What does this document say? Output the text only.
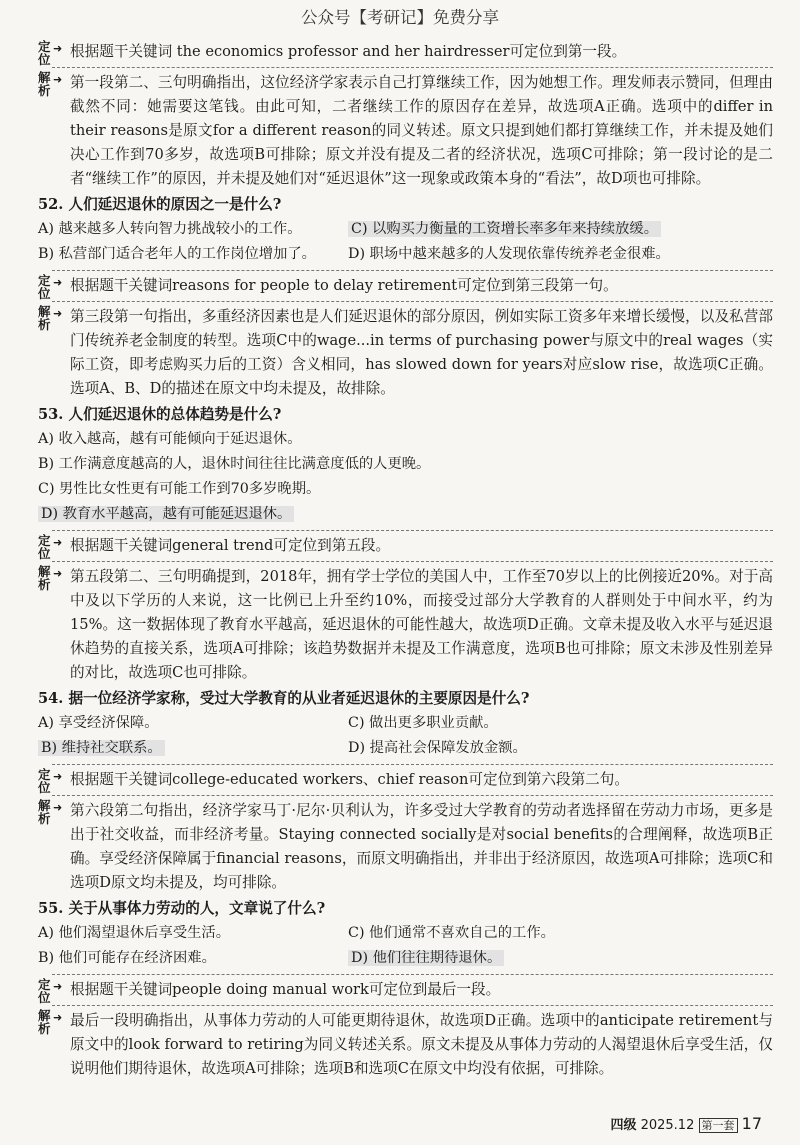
公众号【考研记】免费分享
定位
➜ 根据题干关键词 the economics professor and her hairdresser可定位到第一段。
解析
➜ 第一段第二、三句明确指出，这位经济学家表示自己打算继续工作，因为她想工作。理发师表示赞同，但理由截然不同：她需要这笔钱。由此可知，二者继续工作的原因存在差异，故选项A正确。选项中的differ in their reasons是原文for a different reason的同义转述。原文只提到她们都打算继续工作，并未提及她们决心工作到70多岁，故选项B可排除；原文并没有提及二者的经济状况，选项C可排除；第一段讨论的是二者“继续工作”的原因，并未提及她们对“延迟退休”这一现象或政策本身的“看法”，故D项也可排除。
52. 人们延迟退休的原因之一是什么?
A) 越来越多人转向智力挑战较小的工作。	C) 以购买力衡量的工资增长率多年来持续放缓。
B) 私营部门适合老年人的工作岗位增加了。	D) 职场中越来越多的人发现依靠传统养老金很难。
定位
➜ 根据题干关键词reasons for people to delay retirement可定位到第三段第一句。
解析
➜ 第三段第一句指出，多重经济因素也是人们延迟退休的部分原因，例如实际工资多年来增长缓慢，以及私营部门传统养老金制度的转型。选项C中的wage...in terms of purchasing power与原文中的real wages（实际工资，即考虑购买力后的工资）含义相同，has slowed down for years对应slow rise，故选项C正确。选项A、B、D的描述在原文中均未提及，故排除。
53. 人们延迟退休的总体趋势是什么?
A) 收入越高，越有可能倾向于延迟退休。
B) 工作满意度越高的人，退休时间往往比满意度低的人更晚。
C) 男性比女性更有可能工作到70多岁晚期。
D) 教育水平越高，越有可能延迟退休。
定位
➜ 根据题干关键词general trend可定位到第五段。
解析
➜ 第五段第二、三句明确提到，2018年，拥有学士学位的美国人中，工作至70岁以上的比例接近20%。对于高中及以下学历的人来说，这一比例已上升至约10%，而接受过部分大学教育的人群则处于中间水平，约为15%。这一数据体现了教育水平越高，延迟退休的可能性越大，故选项D正确。文章未提及收入水平与延迟退休趋势的直接关系，选项A可排除；该趋势数据并未提及工作满意度，选项B也可排除；原文未涉及性别差异的对比，故选项C也可排除。
54. 据一位经济学家称，受过大学教育的从业者延迟退休的主要原因是什么?
A) 享受经济保障。	C) 做出更多职业贡献。
B) 维持社交联系。	D) 提高社会保障发放金额。
定位
➜ 根据题干关键词college-educated workers、chief reason可定位到第六段第二句。
解析
➜ 第六段第二句指出，经济学家马丁·尼尔·贝利认为，许多受过大学教育的劳动者选择留在劳动力市场，更多是出于社交收益，而非经济考量。Staying connected socially是对social benefits的合理阐释，故选项B正确。享受经济保障属于financial reasons，而原文明确指出，并非出于经济原因，故选项A可排除；选项C和选项D原文均未提及，均可排除。
55. 关于从事体力劳动的人，文章说了什么?
A) 他们渴望退休后享受生活。	C) 他们通常不喜欢自己的工作。
B) 他们可能存在经济困难。	D) 他们往往期待退休。
定位
➜ 根据题干关键词people doing manual work可定位到最后一段。
解析
➜ 最后一段明确指出，从事体力劳动的人可能更期待退休，故选项D正确。选项中的anticipate retirement与原文中的look forward to retiring为同义转述关系。原文未提及从事体力劳动的人渴望退休后享受生活，仅说明他们期待退休，故选项A可排除；选项B和选项C在原文中均没有依据，可排除。
四级 2025.12 第一套 17
